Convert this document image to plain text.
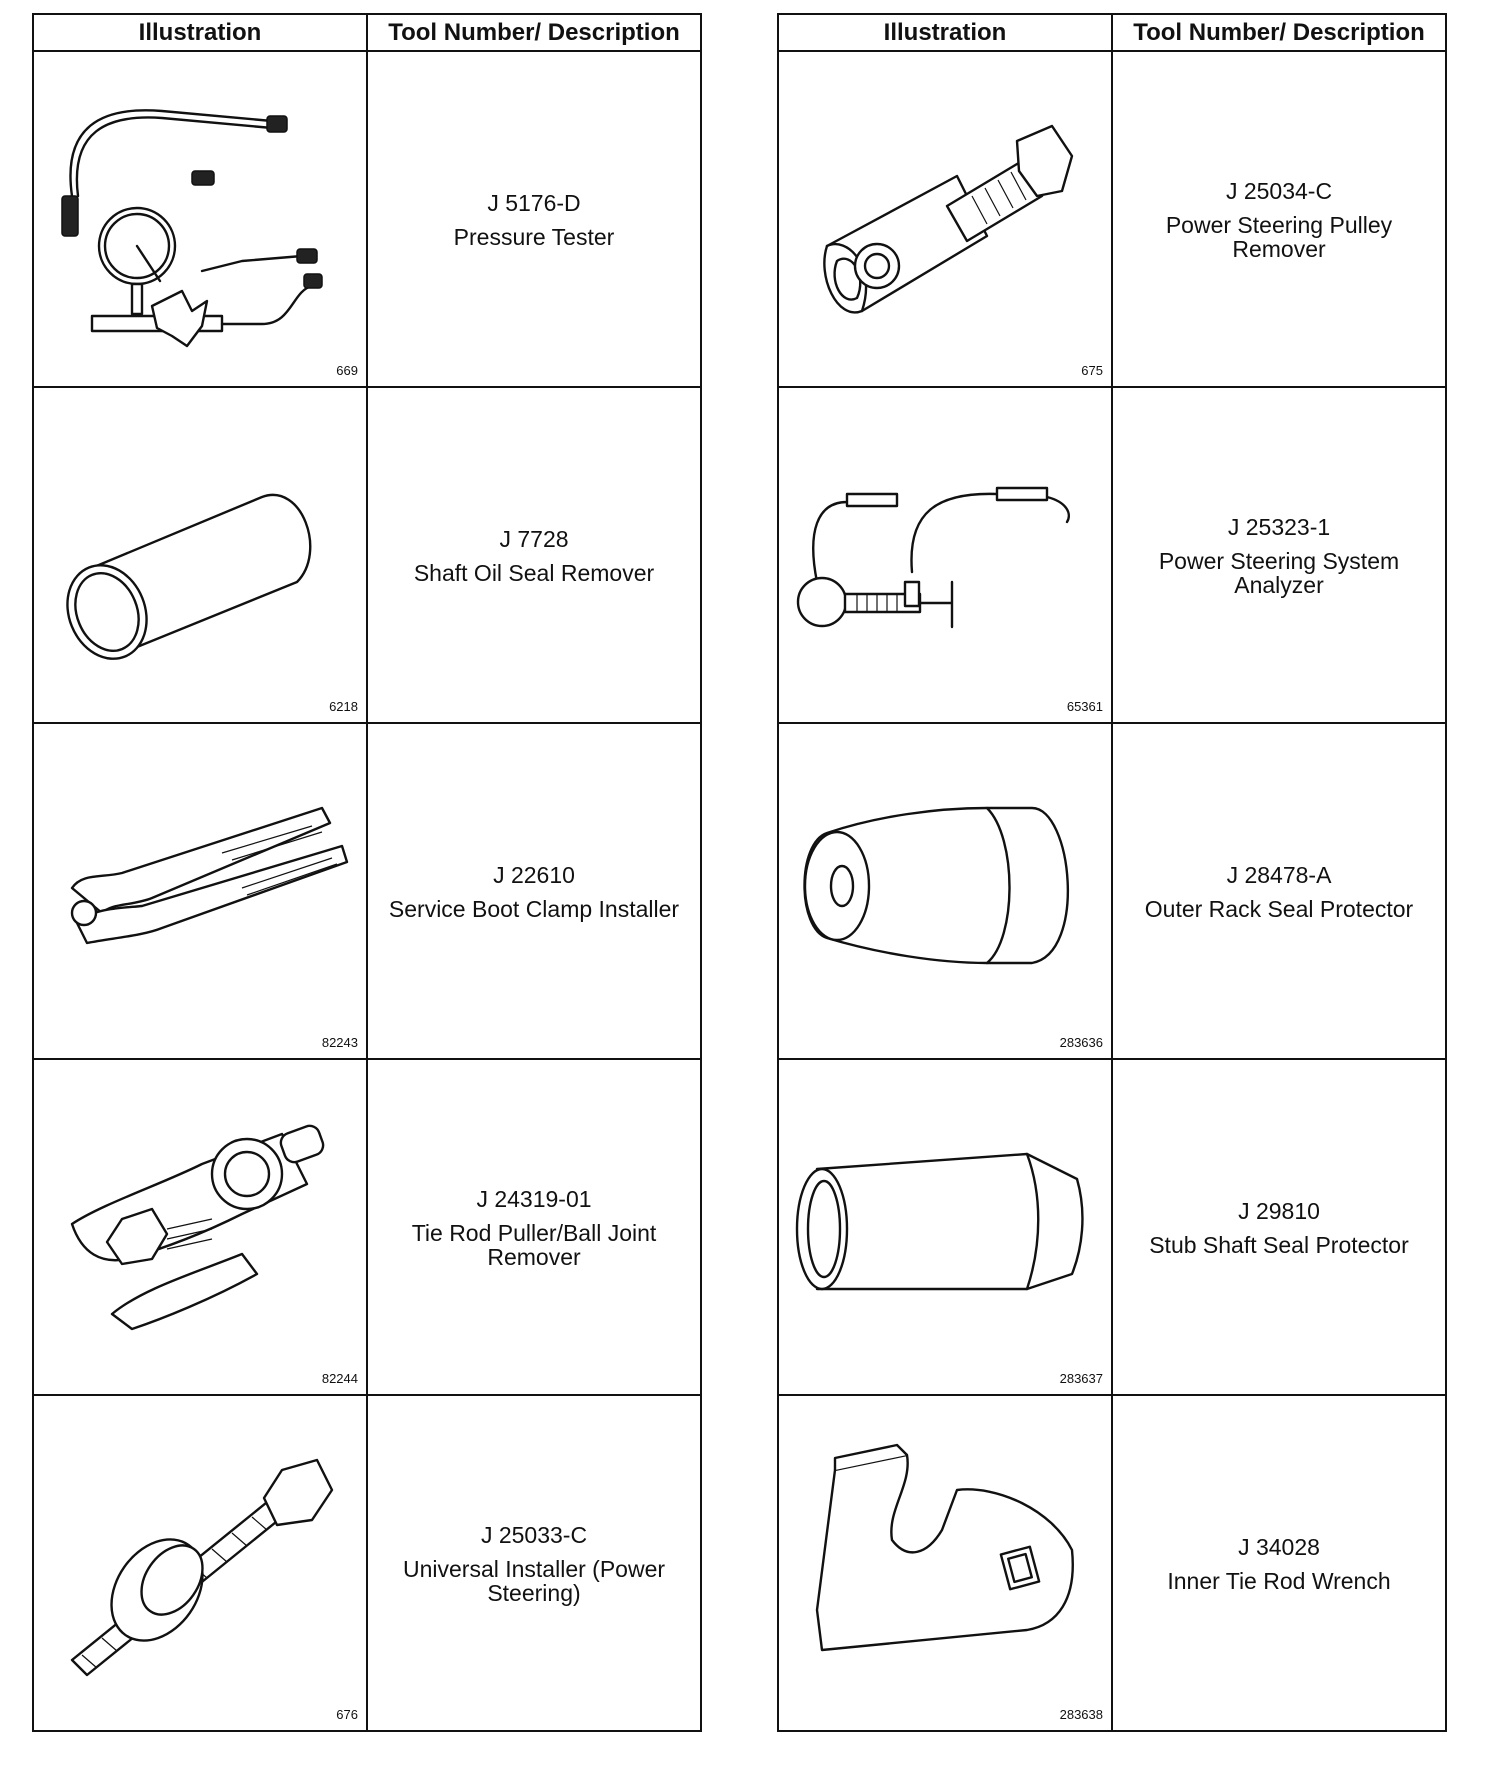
Illustration	Tool Number/ Description

669	J 5176-D
Pressure Tester

6218	J 7728
Shaft Oil Seal Remover

82243	J 22610
Service Boot Clamp Installer

82244	J 24319-01
Tie Rod Puller/Ball Joint Remover

676	J 25033-C
Universal Installer (Power Steering)
Illustration	Tool Number/ Description

675	J 25034-C
Power Steering Pulley Remover

65361	J 25323-1
Power Steering System Analyzer

283636	J 28478-A
Outer Rack Seal Protector

283637	J 29810
Stub Shaft Seal Protector

283638	J 34028
Inner Tie Rod Wrench
